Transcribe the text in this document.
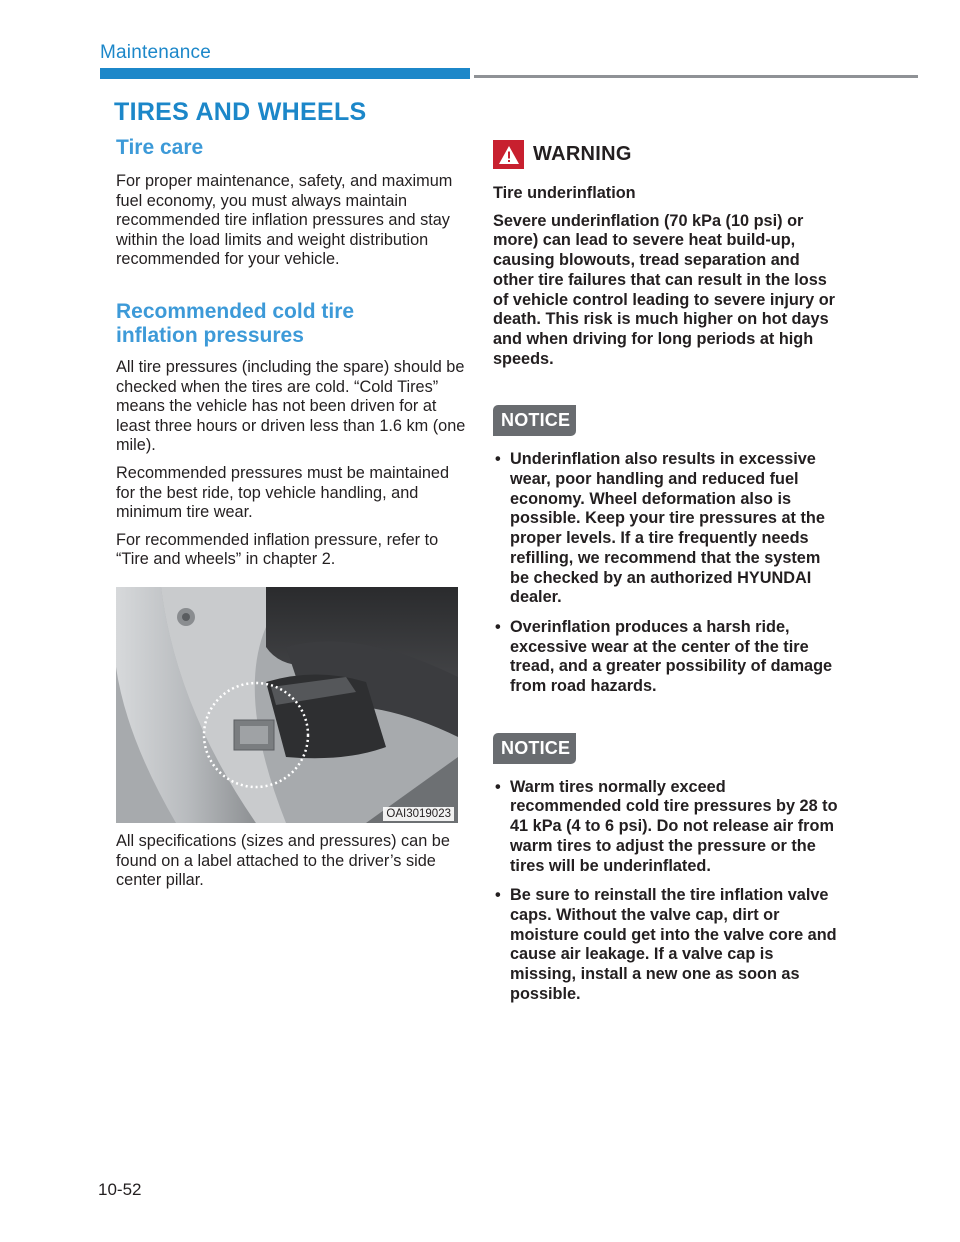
Maintenance
TIRES AND WHEELS
Tire care

For proper maintenance, safety, and maximum fuel economy, you must always maintain recommended tire inflation pressures and stay within the load limits and weight distribution recommended for your vehicle.

Recommended cold tire
inflation pressures

All tire pressures (including the spare) should be checked when the tires are cold. “Cold Tires” means the vehicle has not been driven for at least three hours or driven less than 1.6 km (one mile).

Recommended pressures must be maintained for the best ride, top vehicle handling, and minimum tire wear.

For recommended inflation pressure, refer to “Tire and wheels” in chapter 2.

OAI3019023

All specifications (sizes and pressures) can be found on a label attached to the driver’s side center pillar.

WARNING

Tire underinflation

Severe underinflation (70 kPa (10 psi) or more) can lead to severe heat build-up, causing blowouts, tread separation and other tire failures that can result in the loss of vehicle control leading to severe injury or death. This risk is much higher on hot days and when driving for long periods at high speeds.

NOTICE
• Underinflation also results in excessive wear, poor handling and reduced fuel economy. Wheel deformation also is possible. Keep your tire pressures at the proper levels. If a tire frequently needs refilling, we recommend that the system be checked by an authorized HYUNDAI dealer.
• Overinflation produces a harsh ride, excessive wear at the center of the tire tread, and a greater possibility of damage from road hazards.
NOTICE
• Warm tires normally exceed recommended cold tire pressures by 28 to 41 kPa (4 to 6 psi). Do not release air from warm tires to adjust the pressure or the tires will be underinflated.
• Be sure to reinstall the tire inflation valve caps. Without the valve cap, dirt or moisture could get into the valve core and cause air leakage. If a valve cap is missing, install a new one as soon as possible.
10-52
